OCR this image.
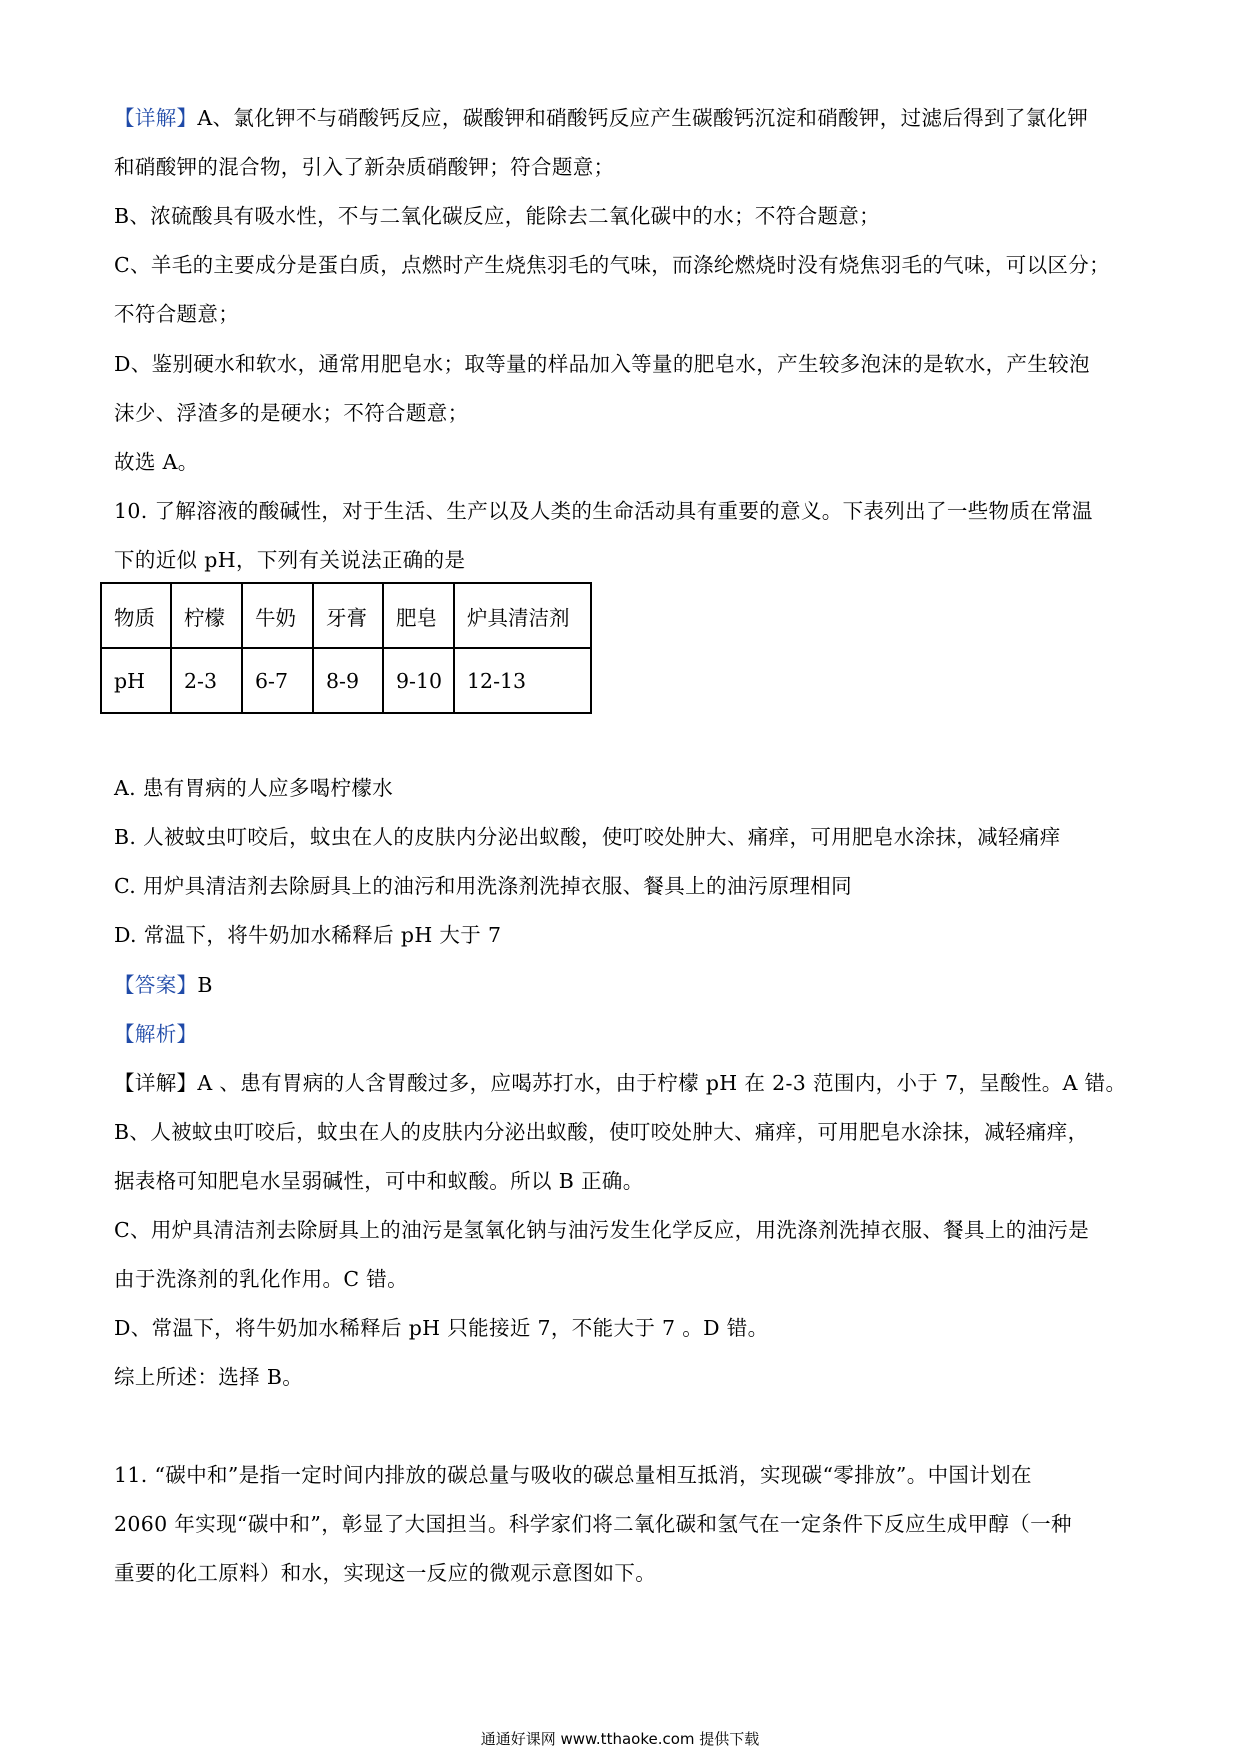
【详解】A、氯化钾不与硝酸钙反应，碳酸钾和硝酸钙反应产生碳酸钙沉淀和硝酸钾，过滤后得到了氯化钾
和硝酸钾的混合物，引入了新杂质硝酸钾；符合题意；
B、浓硫酸具有吸水性，不与二氧化碳反应，能除去二氧化碳中的水；不符合题意；
C、羊毛的主要成分是蛋白质，点燃时产生烧焦羽毛的气味，而涤纶燃烧时没有烧焦羽毛的气味，可以区分；
不符合题意；
D、鉴别硬水和软水，通常用肥皂水；取等量的样品加入等量的肥皂水，产生较多泡沫的是软水，产生较泡
沫少、浮渣多的是硬水；不符合题意；
故选 A。
10. 了解溶液的酸碱性，对于生活、生产以及人类的生命活动具有重要的意义。下表列出了一些物质在常温
下的近似 pH，下列有关说法正确的是
物质	柠檬	牛奶	牙膏	肥皂	炉具清洁剂
pH	2-3	6-7	8-9	9-10	12-13
A. 患有胃病的人应多喝柠檬水
B. 人被蚊虫叮咬后，蚊虫在人的皮肤内分泌出蚁酸，使叮咬处肿大、痛痒，可用肥皂水涂抹，减轻痛痒
C. 用炉具清洁剂去除厨具上的油污和用洗涤剂洗掉衣服、餐具上的油污原理相同
D. 常温下，将牛奶加水稀释后 pH 大于 7
【答案】B
【解析】
【详解】A 、患有胃病的人含胃酸过多，应喝苏打水，由于柠檬 pH 在 2-3 范围内，小于 7，呈酸性。A 错。
B、人被蚊虫叮咬后，蚊虫在人的皮肤内分泌出蚁酸，使叮咬处肿大、痛痒，可用肥皂水涂抹，减轻痛痒，
据表格可知肥皂水呈弱碱性，可中和蚁酸。所以 B 正确。
C、用炉具清洁剂去除厨具上的油污是氢氧化钠与油污发生化学反应，用洗涤剂洗掉衣服、餐具上的油污是
由于洗涤剂的乳化作用。C 错。
D、常温下，将牛奶加水稀释后 pH 只能接近 7，不能大于 7 。D 错。
综上所述：选择 B。
11. “碳中和”是指一定时间内排放的碳总量与吸收的碳总量相互抵消，实现碳“零排放”。中国计划在
2060 年实现“碳中和”，彰显了大国担当。科学家们将二氧化碳和氢气在一定条件下反应生成甲醇（一种
重要的化工原料）和水，实现这一反应的微观示意图如下。
通通好课网 www.tthaoke.com 提供下载
